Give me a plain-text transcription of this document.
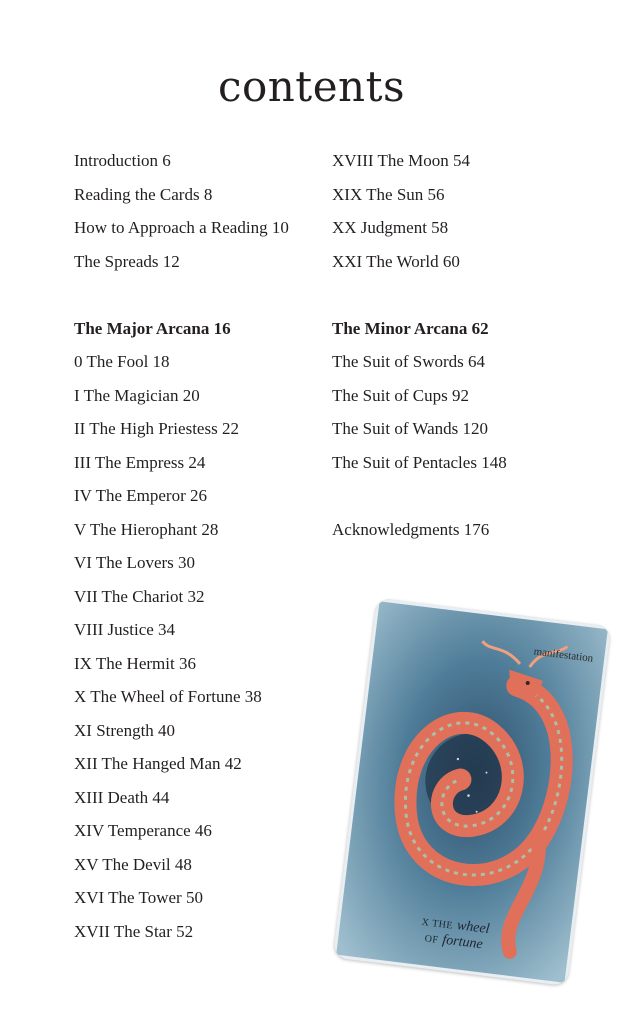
contents
Introduction 6
Reading the Cards 8
How to Approach a Reading 10
The Spreads 12
The Major Arcana 16
0 The Fool 18
I The Magician 20
II The High Priestess 22
III The Empress 24
IV The Emperor 26
V The Hierophant 28
VI The Lovers 30
VII The Chariot 32
VIII Justice 34
IX The Hermit 36
X The Wheel of Fortune 38
XI Strength 40
XII The Hanged Man 42
XIII Death 44
XIV Temperance 46
XV The Devil 48
XVI The Tower 50
XVII The Star 52
XVIII The Moon 54
XIX The Sun 56
XX Judgment 58
XXI The World 60
The Minor Arcana 62
The Suit of Swords 64
The Suit of Cups 92
The Suit of Wands 120
The Suit of Pentacles 148
Acknowledgments 176
manifestation
X THE wheel
OF fortune
